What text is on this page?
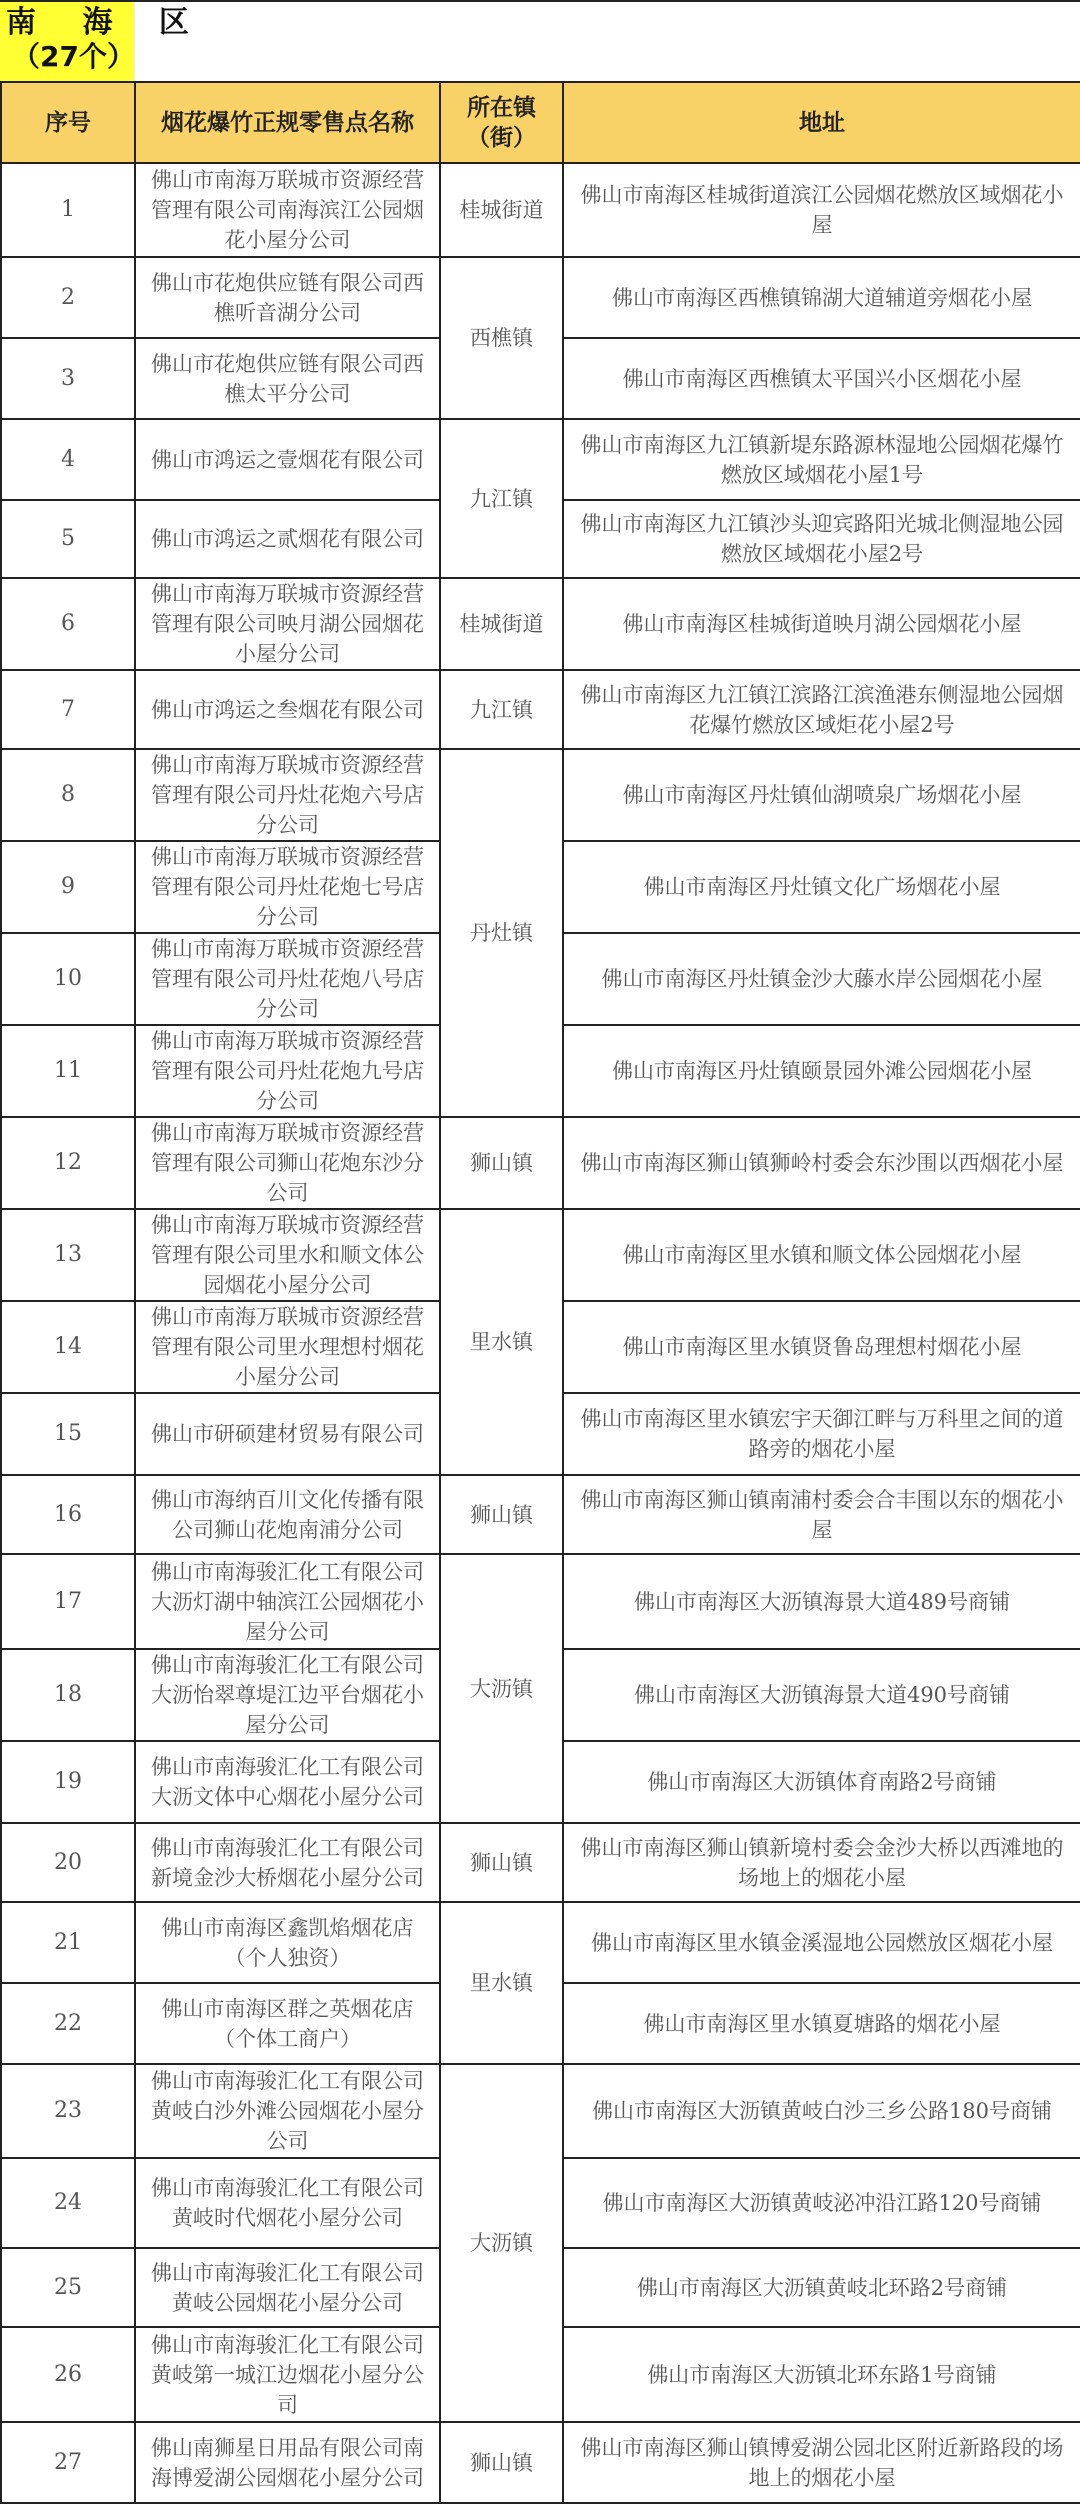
南 海 区
（27个）
序号	烟花爆竹正规零售点名称	所在镇（街）	地址
1	佛山市南海万联城市资源经营管理有限公司南海滨江公园烟花小屋分公司	桂城街道	佛山市南海区桂城街道滨江公园烟花燃放区域烟花小屋
2	佛山市花炮供应链有限公司西樵听音湖分公司	西樵镇	佛山市南海区西樵镇锦湖大道辅道旁烟花小屋
3	佛山市花炮供应链有限公司西樵太平分公司		佛山市南海区西樵镇太平国兴小区烟花小屋
4	佛山市鸿运之壹烟花有限公司	九江镇	佛山市南海区九江镇新堤东路源林湿地公园烟花爆竹燃放区域烟花小屋1号
5	佛山市鸿运之贰烟花有限公司		佛山市南海区九江镇沙头迎宾路阳光城北侧湿地公园燃放区域烟花小屋2号
6	佛山市南海万联城市资源经营管理有限公司映月湖公园烟花小屋分公司	桂城街道	佛山市南海区桂城街道映月湖公园烟花小屋
7	佛山市鸿运之叁烟花有限公司	九江镇	佛山市南海区九江镇江滨路江滨渔港东侧湿地公园烟花爆竹燃放区域炬花小屋2号
8	佛山市南海万联城市资源经营管理有限公司丹灶花炮六号店分公司	丹灶镇	佛山市南海区丹灶镇仙湖喷泉广场烟花小屋
9	佛山市南海万联城市资源经营管理有限公司丹灶花炮七号店分公司		佛山市南海区丹灶镇文化广场烟花小屋
10	佛山市南海万联城市资源经营管理有限公司丹灶花炮八号店分公司		佛山市南海区丹灶镇金沙大藤水岸公园烟花小屋
11	佛山市南海万联城市资源经营管理有限公司丹灶花炮九号店分公司		佛山市南海区丹灶镇颐景园外滩公园烟花小屋
12	佛山市南海万联城市资源经营管理有限公司狮山花炮东沙分公司	狮山镇	佛山市南海区狮山镇狮岭村委会东沙围以西烟花小屋
13	佛山市南海万联城市资源经营管理有限公司里水和顺文体公园烟花小屋分公司	里水镇	佛山市南海区里水镇和顺文体公园烟花小屋
14	佛山市南海万联城市资源经营管理有限公司里水理想村烟花小屋分公司		佛山市南海区里水镇贤鲁岛理想村烟花小屋
15	佛山市研硕建材贸易有限公司		佛山市南海区里水镇宏宇天御江畔与万科里之间的道路旁的烟花小屋
16	佛山市海纳百川文化传播有限公司狮山花炮南浦分公司	狮山镇	佛山市南海区狮山镇南浦村委会合丰围以东的烟花小屋
17	佛山市南海骏汇化工有限公司大沥灯湖中轴滨江公园烟花小屋分公司	大沥镇	佛山市南海区大沥镇海景大道489号商铺
18	佛山市南海骏汇化工有限公司大沥怡翠尊堤江边平台烟花小屋分公司		佛山市南海区大沥镇海景大道490号商铺
19	佛山市南海骏汇化工有限公司大沥文体中心烟花小屋分公司		佛山市南海区大沥镇体育南路2号商铺
20	佛山市南海骏汇化工有限公司新境金沙大桥烟花小屋分公司	狮山镇	佛山市南海区狮山镇新境村委会金沙大桥以西滩地的场地上的烟花小屋
21	佛山市南海区鑫凯焰烟花店（个人独资）	里水镇	佛山市南海区里水镇金溪湿地公园燃放区烟花小屋
22	佛山市南海区群之英烟花店（个体工商户）		佛山市南海区里水镇夏塘路的烟花小屋
23	佛山市南海骏汇化工有限公司黄岐白沙外滩公园烟花小屋分公司	大沥镇	佛山市南海区大沥镇黄岐白沙三乡公路180号商铺
24	佛山市南海骏汇化工有限公司黄岐时代烟花小屋分公司		佛山市南海区大沥镇黄岐泌冲沿江路120号商铺
25	佛山市南海骏汇化工有限公司黄岐公园烟花小屋分公司		佛山市南海区大沥镇黄岐北环路2号商铺
26	佛山市南海骏汇化工有限公司黄岐第一城江边烟花小屋分公司		佛山市南海区大沥镇北环东路1号商铺
27	佛山南狮星日用品有限公司南海博爱湖公园烟花小屋分公司	狮山镇	佛山市南海区狮山镇博爱湖公园北区附近新路段的场地上的烟花小屋
